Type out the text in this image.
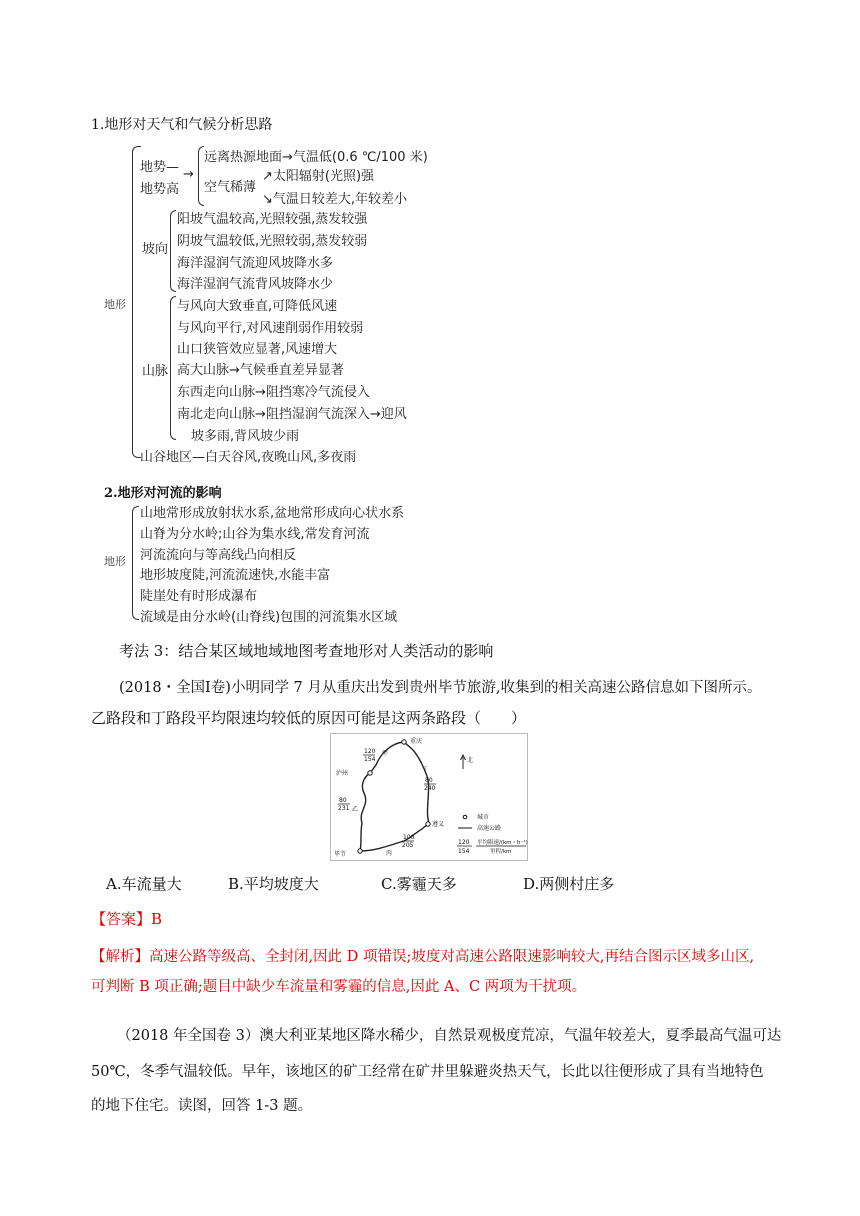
1.地形对天气和气候分析思路
地形
地势—
地势高
→
远离热源地面→气温低(0.6 ℃/100 米)
空气稀薄
↗太阳辐射(光照)强
↘气温日较差大,年较差小
坡向
阳坡气温较高,光照较强,蒸发较强
阴坡气温较低,光照较弱,蒸发较弱
海洋湿润气流迎风坡降水多
海洋湿润气流背风坡降水少
山脉
与风向大致垂直,可降低风速
与风向平行,对风速削弱作用较弱
山口狭管效应显著,风速增大
高大山脉→气候垂直差异显著
东西走向山脉→阻挡寒冷气流侵入
南北走向山脉→阻挡湿润气流深入→迎风
坡多雨,背风坡少雨
山谷地区—白天谷风,夜晚山风,多夜雨
2.地形对河流的影响
地形
山地常形成放射状水系,盆地常形成向心状水系
山脊为分水岭;山谷为集水线,常发育河流
河流流向与等高线凸向相反
地形坡度陡,河流流速快,水能丰富
陡崖处有时形成瀑布
流域是由分水岭(山脊线)包围的河流集水区域
考法 3：结合某区域地域地图考查地形对人类活动的影响
(2018・全国Ⅰ卷)小明同学 7 月从重庆出发到贵州毕节旅游,收集到的相关高速公路信息如下图所示。
乙路段和丁路段平均限速均较低的原因可能是这两条路段（　　）
重庆
泸州
遵义
毕节
甲
乙
丙
丁
120
154
80
240
80
231
100
205
北
城市
高速公路
120
154
平均限速/(km・h⁻¹)
里程/km
A.车流量大	B.平均坡度大	C.雾霾天多	D.两侧村庄多
【答案】B
【解析】高速公路等级高、全封闭,因此 D 项错误;坡度对高速公路限速影响较大,再结合图示区域多山区,
可判断 B 项正确;题目中缺少车流量和雾霾的信息,因此 A、C 两项为干扰项。
（2018 年全国卷 3）澳大利亚某地区降水稀少，自然景观极度荒凉，气温年较差大，夏季最高气温可达
50℃，冬季气温较低。早年，该地区的矿工经常在矿井里躲避炎热天气，长此以往便形成了具有当地特色
的地下住宅。读图，回答 1-3 题。
